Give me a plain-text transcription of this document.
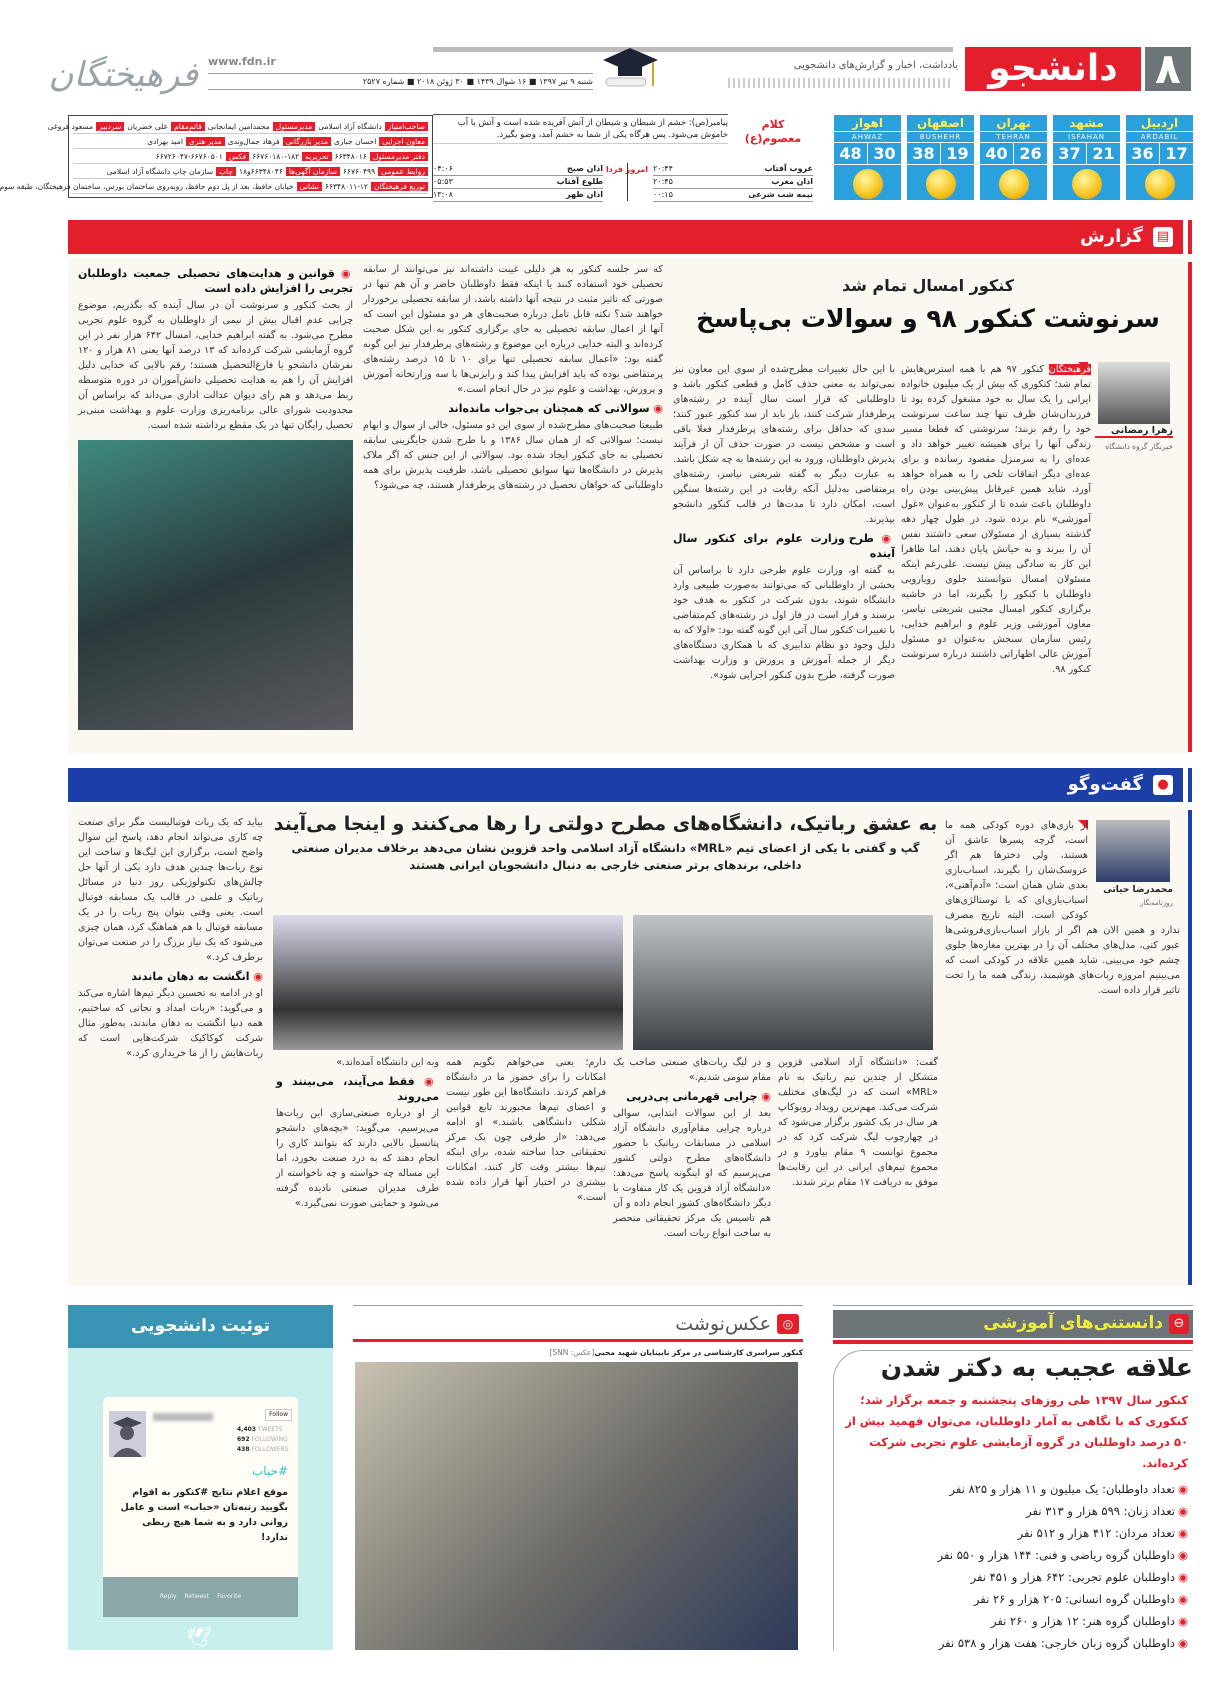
۸
دانشجو
یادداشت، اخبار و گزارش‌های دانشجویی
فرهیختگان www.fdn.ir
شنبه ۹ تیر ۱۳۹۷ ■ ۱۶ شوال ۱۴۳۹ ■ ۳۰ ژوئن ۲۰۱۸ ■ شماره ۲۵۲۷
اردبیل
ARDABIL
17
36
مشهد
ISFAHAN
21
37
تهران
TEHRAN
26
40
اصفهان
BUSHEHR
19
38
اهواز
AHWAZ
30
48
کلام معصوم(ع)
پیامبر(ص): خشم از شیطان و شیطان از آتش آفریده شده است و آتش با آب خاموش می‌شود. پس هرگاه یکی از شما به خشم آمد، وضو بگیرد.
غروب آفتاب
۲۰:۴۴
اذان مغرب
۲۰:۴۵
نیمه شب شرعی
۰۰:۱۵
امروز
فردا
اذان صبح
۰۴:۰۶
طلوع آفتاب
۰۵:۵۳
اذان ظهر
۱۳:۰۸
صاحب‌امتیاز
دانشگاه آزاد اسلامی
مدیرمسئول
محمدامین ایمانجانی
قائم‌مقام
علی خضریان
سردبیر
مسعود فروغی
معاون اجرایی
احسان جباری
مدیر بازرگانی
فرهاد جمال‌وندی
مدیر هنری
امید بهزادی
دفتر مدیرمسئول
۶۶۳۴۸۰۱۶
تحریریه
۶۶۷۶۰۱۸۰-۱۸۲
فکس
۶۶۷۲۶۰۴۷-۶۶۷۶۰۵۰۱
روابط عمومی
۶۶۷۶۰۴۹۹
سازمان آگهی‌ها
۶۶۳۴۸۰۴۶و۱۸
چاپ
سازمان چاپ دانشگاه آزاد اسلامی
توزیع فرهیختگان
۶۶۳۴۸۰۱۱-۱۲
نشانی
خیابان حافظ، بعد از پل دوم حافظ، روبه‌روی ساختمان بورس، ساختمان فرهیختگان، طبقه سوم
▤
گزارش
کنکور امسال تمام شد
سرنوشت کنکور ۹۸ و سوالات بی‌پاسخ
زهرا رمضانی
خبرنگار گروه دانشگاه
فرهیختگان کنکور ۹۷ هم با همه استرس‌هایش تمام شد؛ کنکوری که بیش از یک میلیون خانواده ایرانی را یک سال به خود مشغول کرده بود تا فرزندان‌شان ظرف تنها چند ساعت سرنوشت خود را رقم بزنند؛ سرنوشتی که قطعا مسیر زندگی آنها را برای همیشه تغییر خواهد داد و عده‌ای را به سرمنزل مقصود رسانده و برای عده‌ای دیگر اتفاقات تلخی را به همراه خواهد آورد. شاید همین غیرقابل پیش‌بینی بودن راه داوطلبان باعث شده تا از کنکور به‌عنوان «غول آموزشی» نام برده شود. در طول چهار دهه گذشته بسیاری از مسئولان سعی داشتند نفس آن را ببرند و به حیاتش پایان دهند، اما ظاهرا این کار به سادگی پیش نیست. علی‌رغم اینکه مسئولان امسال نتوانستند جلوی رویارویی داوطلبان با کنکور را بگیرند، اما در حاشیه برگزاری کنکور امسال مجتبی شریعتی نیاسر، معاون آموزشی وزیر علوم و ابراهیم خدایی، رئیس سازمان سنجش به‌عنوان دو مسئول آموزش عالی اظهاراتی داشتند درباره سرنوشت کنکور ۹۸.

با این حال تغییرات مطرح‌شده از سوی این معاون نیز نمی‌تواند به معنی حذف کامل و قطعی کنکور باشد و داوطلبانی که قرار است سال آینده در رشته‌های پرطرفدار شرکت کنند، باز باید از سد کنکور عبور کنند؛ سدی که حداقل برای رشته‌های پرطرفدار فعلا باقی است و مشخص نیست در صورت حذف آن از فرآیند پذیرش داوطلبان، ورود به این رشته‌ها به چه شکل باشد. به عبارت دیگر به گفته شریعتی نیاسر، رشته‌های پرمتقاضی به‌دلیل آنکه رقابت در این رشته‌ها سنگین است، امکان دارد تا مدت‌ها در قالب کنکور دانشجو بپذیرند.

◉ طرح وزارت علوم برای کنکور سال آینده

به گفته او، وزارت علوم طرحی دارد تا براساس آن بخشی از داوطلبانی که می‌توانند به‌صورت طبیعی وارد دانشگاه شوند، بدون شرکت در کنکور به هدف خود برسند و قرار است در فاز اول در رشته‌های کم‌متقاضی با تغییرات کنکور سال آتی این گونه گفته بود: «اولا که به دلیل وجود دو نظام تدابیری که با همکاری دستگاه‌های دیگر از جمله آموزش و پرورش و وزارت بهداشت صورت گرفته، طرح بدون کنکور اجرایی شود».

که سر جلسه کنکور به هر دلیلی غیبت داشته‌اند نیز می‌توانند از سابقه تحصیلی خود استفاده کنند یا اینکه فقط داوطلبان حاضر و آن هم تنها در صورتی که تاثیر مثبت در نتیجه آنها داشته باشد، از سابقه تحصیلی برخوردار خواهند شد؟ نکته قابل تامل درباره صحبت‌های هر دو مسئول این است که آنها از اعمال سابقه تحصیلی به جای برگزاری کنکور به این شکل صحبت کرده‌اند و البته خدایی درباره این موضوع و رشته‌های پرطرفدار نیز این گونه گفته بود: «اعمال سابقه تحصیلی تنها برای ۱۰ تا ۱۵ درصد رشته‌های پرمتقاضی بوده که باید افزایش پیدا کند و رایزنی‌ها با سه وزارتخانه آموزش و پرورش، بهداشت و علوم نیز در حال انجام است.»

◉ سوالاتی که همچنان بی‌جواب مانده‌اند

طبیعتا صحبت‌های مطرح‌شده از سوی این دو مسئول، خالی از سوال و ابهام نیست؛ سوالاتی که از همان سال ۱۳۸۶ و با طرح شدن جایگزینی سابقه تحصیلی به جای کنکور ایجاد شده بود. سوالاتی از این جنس که اگر ملاک پذیرش در دانشگاه‌ها تنها سوابق تحصیلی باشد، ظرفیت پذیرش برای همه داوطلبانی که خواهان تحصیل در رشته‌های پرطرفدار هستند، چه می‌شود؟

◉ قوانین و هدایت‌های تحصیلی جمعیت داوطلبان تجربی را افزایش داده است

از بحث کنکور و سرنوشت آن در سال آینده که بگذریم، موضوع چرایی عدم اقبال بیش از نیمی از داوطلبان به گروه علوم تجربی مطرح می‌شود. به گفته ابراهیم خدایی، امسال ۶۴۲ هزار نفر در این گروه آزمایشی شرکت کرده‌اند که ۱۳ درصد آنها یعنی ۸۱ هزار و ۱۲۰ نفرشان دانشجو یا فارغ‌التحصیل هستند؛ رقم بالایی که خدایی دلیل افزایش آن را هم به هدایت تحصیلی دانش‌آموزان در دوره متوسطه ربط می‌دهد و هم رای دیوان عدالت اداری می‌داند که براساس آن محدودیت شورای عالی برنامه‌ریزی وزارت علوم و بهداشت مبنی‌بر تحصیل رایگان تنها در یک مقطع برداشته شده است.

●
گفت‌وگو
به عشق رباتیک، دانشگاه‌های مطرح دولتی را رها می‌کنند و اینجا می‌آیند
گپ و گفتی با یکی از اعضای تیم «MRL» دانشگاه آزاد اسلامی واحد قزوین نشان می‌دهد برخلاف مدیران صنعتی داخلی، برندهای برتر صنعتی خارجی به دنبال دانشجویان ایرانی هستند
محمدرضا حیاتی
روزنامه‌نگار
از بازی‌های دوره کودکی همه ما است، گرچه پسرها عاشق آن هستند، ولی دخترها هم اگر عروسک‌شان را بگیرند، اسباب‌بازی بعدی شان همان است؛ «آدم‌آهنی»، اسباب‌بازی‌ای که با نوستالژی‌های کودکی است. البته تاریخ مصرف ندارد و همین الان هم اگر از بازار اسباب‌بازی‌فروشی‌ها عبور کنی، مدل‌های مختلف آن را در بهترین مغازه‌ها جلوی چشم خود می‌بینی. شاید همین علاقه در کودکی است که می‌بینیم امروزه ربات‌های هوشمند، زندگی همه ما را تحت تاثیر قرار داده است.
گفت: «دانشگاه آزاد اسلامی قزوین متشکل از چندین تیم رباتیک به نام «MRL» است که در لیگ‌های مختلف شرکت می‌کند. مهم‌ترین رویداد روبوکاپ هر سال در یک کشور برگزار می‌شود که در چهارچوب لیگ شرکت کرد که در مجموع توانست ۹ مقام بیاورد و در مجموع تیم‌های ایرانی در این رقابت‌ها موفق به دریافت ۱۷ مقام برتر شدند.

و در لیگ ربات‌های صنعتی صاحب یک مقام سومی شدیم.»

◉ چرایی قهرمانی پی‌درپی

بعد از این سوالات ابتدایی، سوالی درباره چرایی مقام‌آوری دانشگاه آزاد اسلامی در مسابقات رباتیک با حضور دانشگاه‌های مطرح دولتی کشور می‌پرسیم که او اینگونه پاسخ می‌دهد: «دانشگاه آزاد قزوین یک کار متفاوت با دیگر دانشگاه‌های کشور انجام داده و آن هم تاسیس یک مرکز تحقیقاتی منحصر به ساخت انواع ربات است.

دارم؛ یعنی می‌خواهم بگویم همه امکانات را برای حضور ما در دانشگاه فراهم کردند. دانشگاه‌ها این طور نیست و اعضای تیم‌ها مجبورند تابع قوانین شکلی دانشگاهی باشند.» او ادامه می‌دهد: «از طرفی چون یک مرکز تحقیقاتی جدا ساخته شده، برای اینکه تیم‌ها بیشتر وقت کار کنند، امکانات بیشتری در اختیار آنها قرار داده شده است.»

وبه این دانشگاه آمده‌اند.»

◉ فقط می‌آیند، می‌بینند و می‌روند

از او درباره صنعتی‌سازی این ربات‌ها می‌پرسیم، می‌گوید: «بچه‌های دانشجو پتانسیل بالایی دارند که بتوانند کاری را انجام دهند که به درد صنعت بخورد، اما این مساله چه خواسته و چه ناخواسته از طرف مدیران صنعتی نادیده گرفته می‌شود و حمایتی صورت نمی‌گیرد.»

بیاید که یک ربات فوتبالیست مگر برای صنعت چه کاری می‌تواند انجام دهد، پاسخ این سوال واضح است، برگزاری این لیگ‌ها و ساخت این نوع ربات‌ها چندین هدف دارد یکی از آنها حل چالش‌های تکنولوژیکی روز دنیا در مسائل رباتیک و علمی در قالب یک مسابقه فوتبال است. یعنی وقتی بتوان پنج ربات را در یک مسابقه فوتبال با هم هماهنگ کرد، همان چیزی می‌شود که یک نیاز بزرگ را در صنعت می‌توان برطرف کرد.»

◉ انگشت به دهان ماندند

او در ادامه به تحسین دیگر تیم‌ها اشاره می‌کند و می‌گوید: «ربات امداد و نجاتی که ساختیم، همه دنیا انگشت به دهان ماندند، به‌طور مثال شرکت کوکاکیک شرکت‌هایی است که ربات‌هایش را از ما خریداری کرد.»

توئیت دانشجویی
Follow
4,403 TWEETS
692 FOLLOWING
438 FOLLOWERS
#حباب
موقع اعلام نتایج #کنکور به اقوام بگویید رتبه‌تان «حباب» است و عامل روانی دارد و به شما هیچ ربطی ندارد!
Reply Retweet Favorite
🕊
◎
عکس‌نوشت
کنکور سراسری کارشناسی در مرکز نابینایان شهید محبی[عکس: SNN]
⊖
دانستنی‌های آموزشی
علاقه عجیب به دکتر شدن
کنکور سال ۱۳۹۷ طی روزهای پنجشنبه و جمعه برگزار شد؛ کنکوری که با نگاهی به آمار داوطلبان، می‌توان فهمید بیش از ۵۰ درصد داوطلبان در گروه آزمایشی علوم تجربی شرکت کرده‌اند.
◉تعداد داوطلبان: یک میلیون و ۱۱ هزار و ۸۲۵ نفر
◉تعداد زنان: ۵۹۹ هزار و ۳۱۳ نفر
◉تعداد مردان: ۴۱۲ هزار و ۵۱۲ نفر
◉داوطلبان گروه ریاضی و فنی: ۱۴۴ هزار و ۵۵۰ نفر
◉داوطلبان علوم تجربی: ۶۴۲ هزار و ۴۵۱ نفر
◉داوطلبان گروه انسانی: ۲۰۵ هزار و ۲۶ نفر
◉داوطلبان گروه هنر: ۱۲ هزار و ۲۶۰ نفر
◉داوطلبان گروه زبان خارجی: هفت هزار و ۵۳۸ نفر
